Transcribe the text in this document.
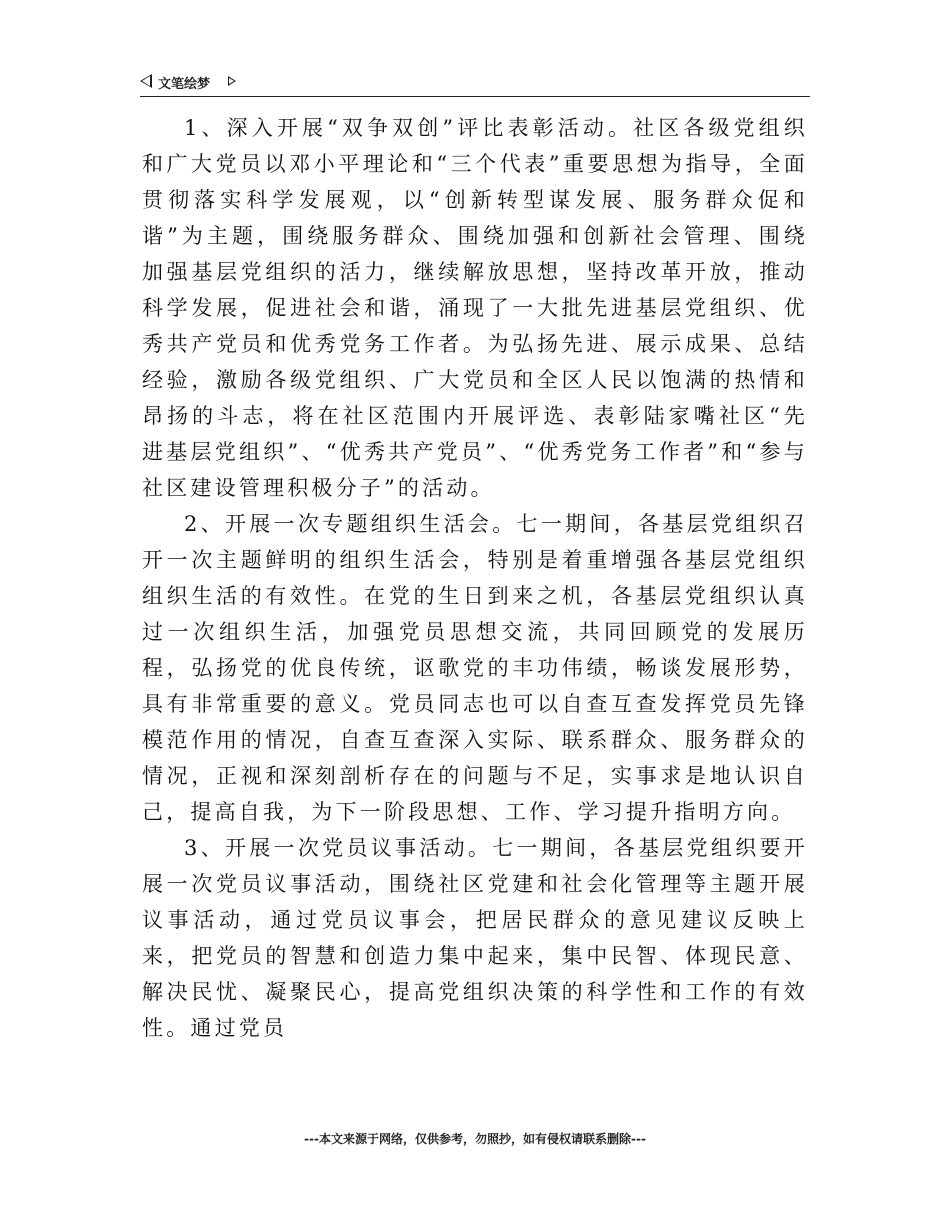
文笔绘梦

1、深入开展“双争双创”评比表彰活动。社区各级党组织和广大党员以邓小平理论和“三个代表”重要思想为指导，全面贯彻落实科学发展观，以“创新转型谋发展、服务群众促和谐”为主题，围绕服务群众、围绕加强和创新社会管理、围绕加强基层党组织的活力，继续解放思想，坚持改革开放，推动科学发展，促进社会和谐，涌现了一大批先进基层党组织、优秀共产党员和优秀党务工作者。为弘扬先进、展示成果、总结经验，激励各级党组织、广大党员和全区人民以饱满的热情和昂扬的斗志，将在社区范围内开展评选、表彰陆家嘴社区“先进基层党组织”、“优秀共产党员”、“优秀党务工作者”和“参与社区建设管理积极分子”的活动。

2、开展一次专题组织生活会。七一期间，各基层党组织召开一次主题鲜明的组织生活会，特别是着重增强各基层党组织组织生活的有效性。在党的生日到来之机，各基层党组织认真过一次组织生活，加强党员思想交流，共同回顾党的发展历程，弘扬党的优良传统，讴歌党的丰功伟绩，畅谈发展形势，具有非常重要的意义。党员同志也可以自查互查发挥党员先锋模范作用的情况，自查互查深入实际、联系群众、服务群众的情况，正视和深刻剖析存在的问题与不足，实事求是地认识自己，提高自我，为下一阶段思想、工作、学习提升指明方向。

3、开展一次党员议事活动。七一期间，各基层党组织要开展一次党员议事活动，围绕社区党建和社会化管理等主题开展议事活动，通过党员议事会，把居民群众的意见建议反映上来，把党员的智慧和创造力集中起来，集中民智、体现民意、解决民忧、凝聚民心，提高党组织决策的科学性和工作的有效性。通过党员

---本文来源于网络，仅供参考，勿照抄，如有侵权请联系删除---
